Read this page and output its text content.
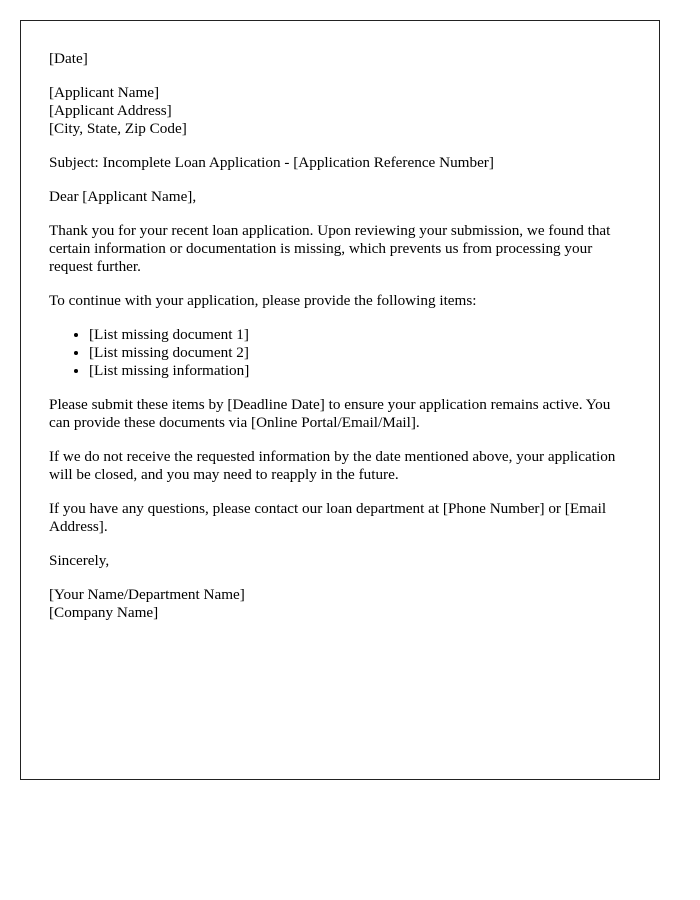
[Date]

[Applicant Name]
[Applicant Address]
[City, State, Zip Code]

Subject: Incomplete Loan Application - [Application Reference Number]

Dear [Applicant Name],

Thank you for your recent loan application. Upon reviewing your submission, we found that certain information or documentation is missing, which prevents us from processing your request further.

To continue with your application, please provide the following items:

• [List missing document 1]
• [List missing document 2]
• [List missing information]

Please submit these items by [Deadline Date] to ensure your application remains active. You can provide these documents via [Online Portal/Email/Mail].

If we do not receive the requested information by the date mentioned above, your application will be closed, and you may need to reapply in the future.

If you have any questions, please contact our loan department at [Phone Number] or [Email Address].

Sincerely,

[Your Name/Department Name]
[Company Name]
